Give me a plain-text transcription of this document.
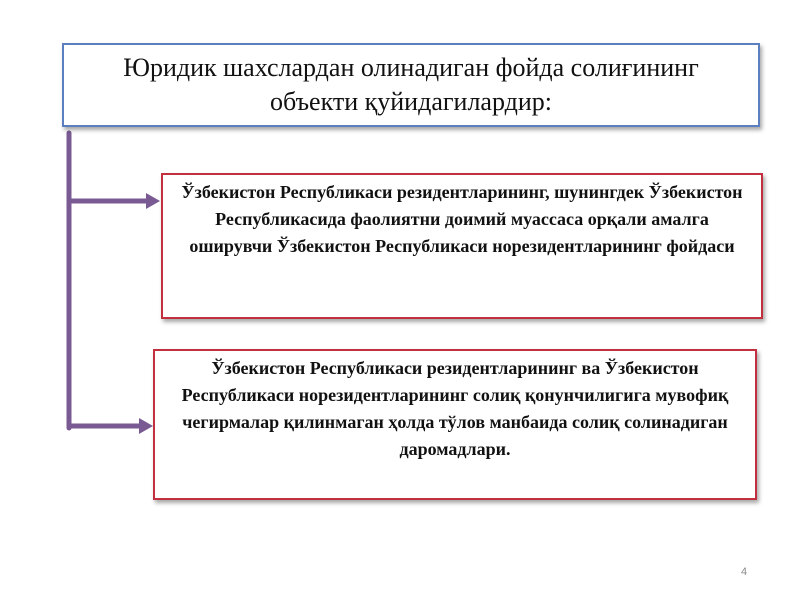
Юридик шахслардан олинадиган фойда солиғининг объекти қуйидагилардир:
Ўзбекистон Республикаси резидентларининг, шунингдек Ўзбекистон Республикасида фаолиятни доимий муассаса орқали амалга оширувчи Ўзбекистон Республикаси норезидентларининг фойдаси
Ўзбекистон Республикаси резидентларининг ва Ўзбекистон Республикаси норезидентларининг солиқ қонунчилигига мувофиқ чегирмалар қилинмаган ҳолда тўлов манбаида солиқ солинадиган даромадлари.
4
